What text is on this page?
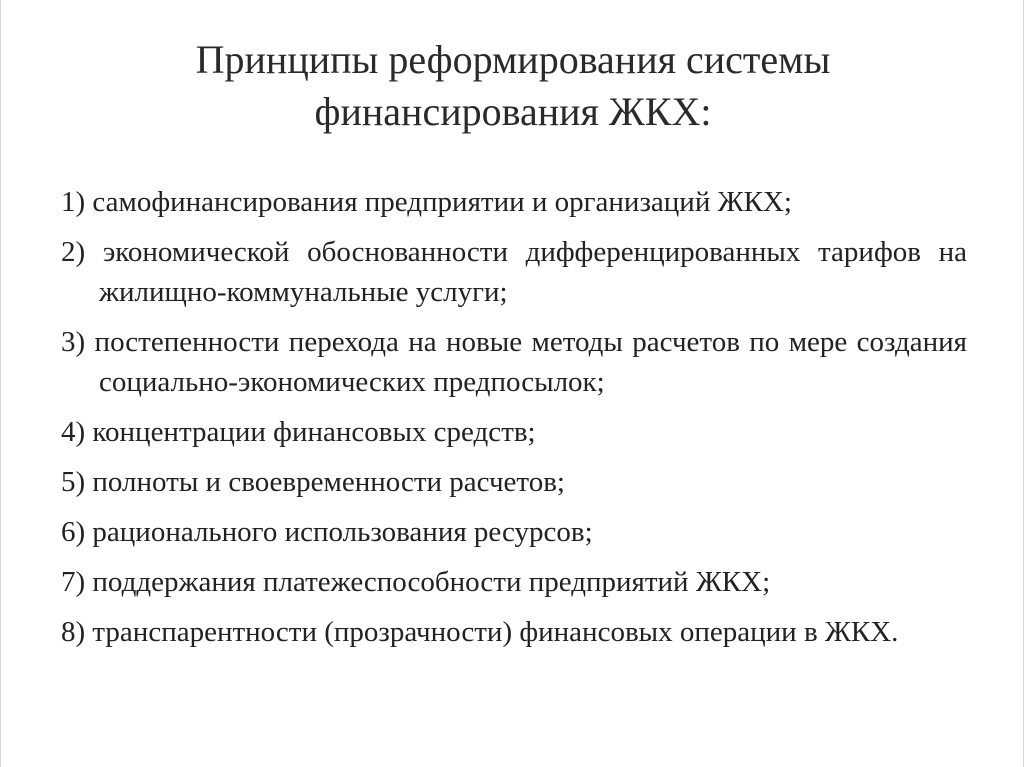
Принципы реформирования системы
финансирования ЖКХ:
1) самофинансирования предприятии и организаций ЖКХ;
2) экономической обоснованности дифференцированных тарифов на жилищно-коммунальные услуги;
3) постепенности перехода на новые методы расчетов по мере создания социально-экономических предпосылок;
4) концентрации финансовых средств;
5) полноты и своевременности расчетов;
6) рационального использования ресурсов;
7) поддержания платежеспособности предприятий ЖКХ;
8) транспарентности (прозрачности) финансовых операции в ЖКХ.
